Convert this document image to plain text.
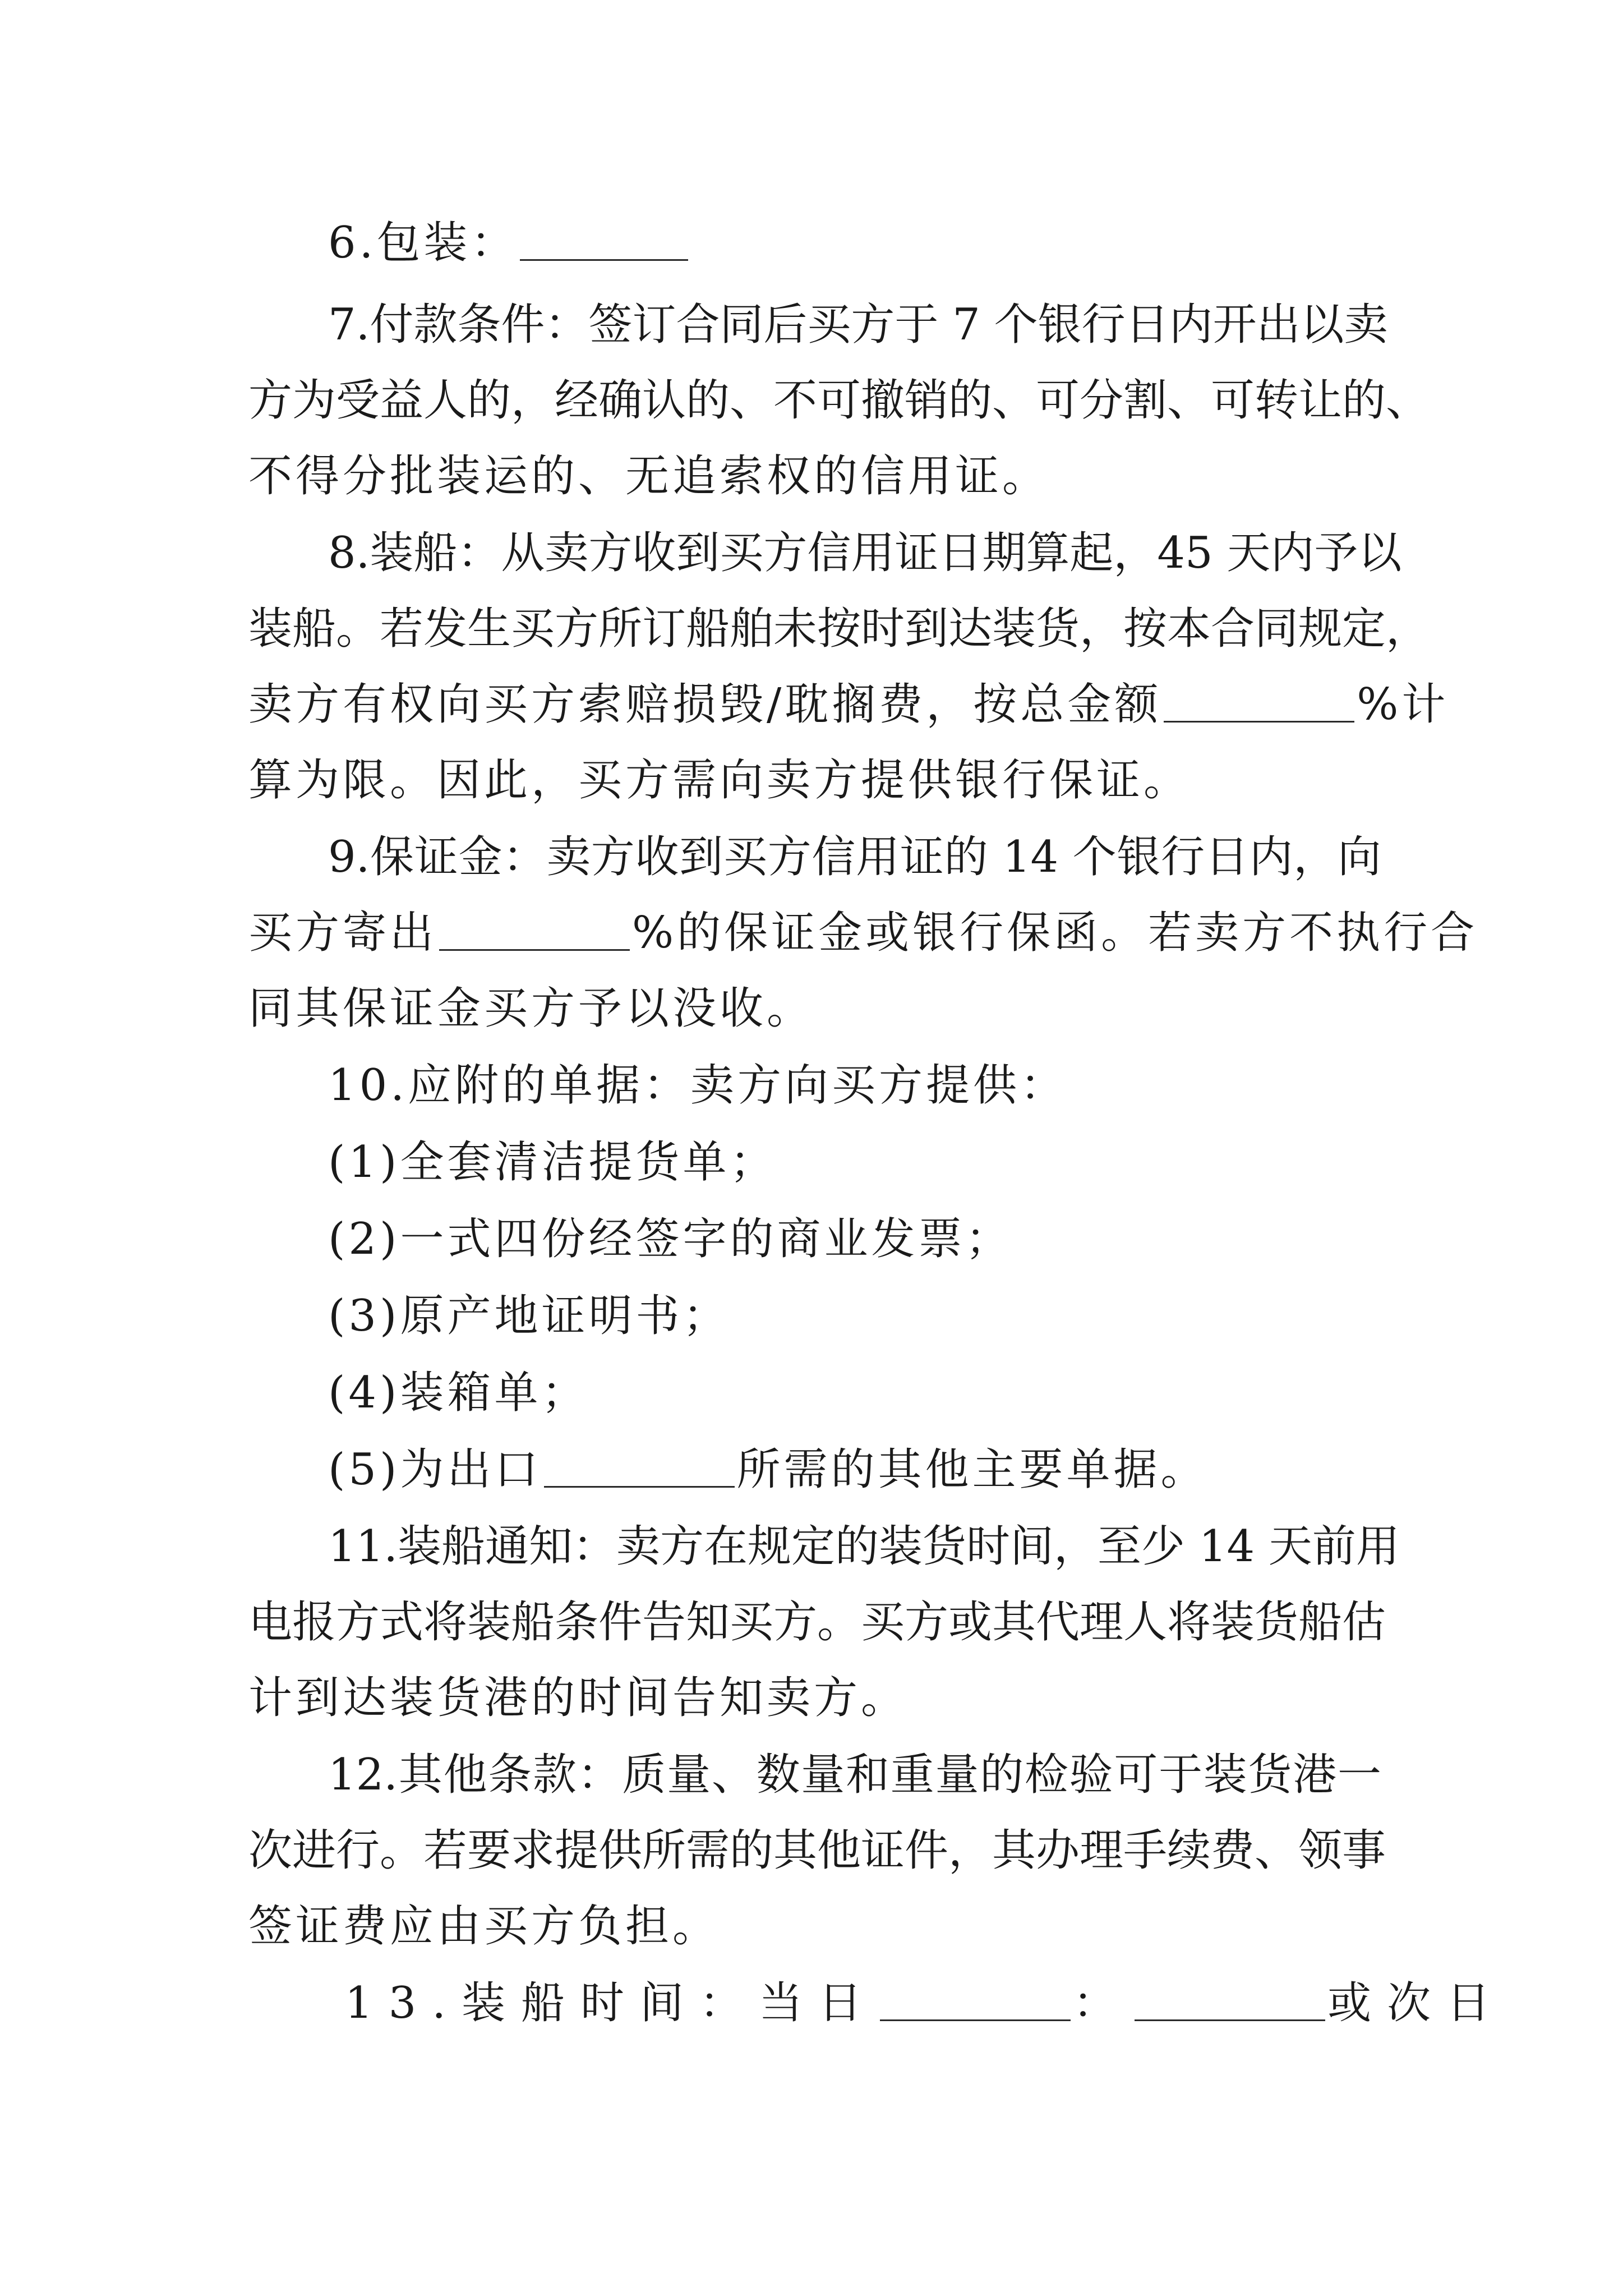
6.包装：
7.付款条件：签订合同后买方于 7 个银行日内开出以卖
方为受益人的，经确认的、不可撤销的、可分割、可转让的、
不得分批装运的、无追索权的信用证。
8.装船：从卖方收到买方信用证日期算起，45 天内予以
装船。若发生买方所订船舶未按时到达装货，按本合同规定，
卖方有权向买方索赔损毁/耽搁费，按总金额	%计
算为限。因此，买方需向卖方提供银行保证。
9.保证金：卖方收到买方信用证的 14 个银行日内，向
买方寄出	%的保证金或银行保函。若卖方不执行合
同其保证金买方予以没收。
10.应附的单据：卖方向买方提供：
(1)全套清洁提货单；
(2)一式四份经签字的商业发票；
(3)原产地证明书；
(4)装箱单；
(5)为出口	所需的其他主要单据。
11.装船通知：卖方在规定的装货时间，至少 14 天前用
电报方式将装船条件告知买方。买方或其代理人将装货船估
计到达装货港的时间告知卖方。
12.其他条款：质量、数量和重量的检验可于装货港一
次进行。若要求提供所需的其他证件，其办理手续费、领事
签证费应由买方负担。
13.装船时间：当日	：	或次日
